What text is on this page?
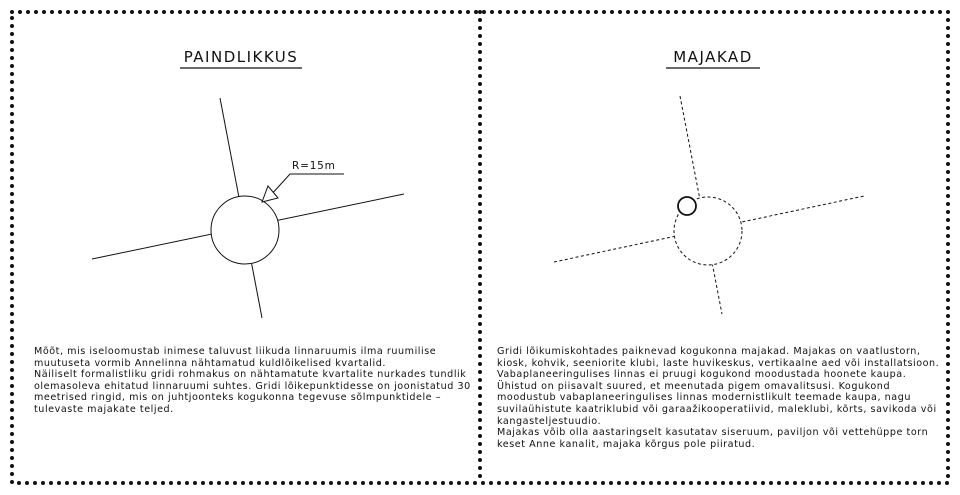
R=15m
PAINDLIKKUS	MAJAKAD

Mõõt, mis iseloomustab inimese taluvust liikuda linnaruumis ilma ruumilise muutuseta vormib Annelinna nähtamatud kuldlõikelised kvartalid.

Näiliselt formalistliku gridi rohmakus on nähtamatute kvartalite nurkades tundlik olemasoleva ehitatud linnaruumi suhtes. Gridi lõikepunktidesse on joonistatud 30 meetrised ringid, mis on juhtjoonteks kogukonna tegevuse sõlmpunktidele – tulevaste majakate teljed.

Gridi lõikumiskohtades paiknevad kogukonna majakad. Majakas on vaatlustorn, kiosk, kohvik, seeniorite klubi, laste huvikeskus, vertikaalne aed või installatsioon. Vabaplaneeringulises linnas ei pruugi kogukond moodustada hoonete kaupa. Ühistud on piisavalt suured, et meenutada pigem omavalitsusi. Kogukond moodustub vabaplaneeringulises linnas modernistlikult teemade kaupa, nagu suvilaühistute kaatriklubid või garaažikooperatiivid, maleklubi, kõrts, savikoda või kangasteljestuudio.

Majakas võib olla aastaringselt kasutatav siseruum, paviljon või vettehüppe torn keset Anne kanalit, majaka kõrgus pole piiratud.
